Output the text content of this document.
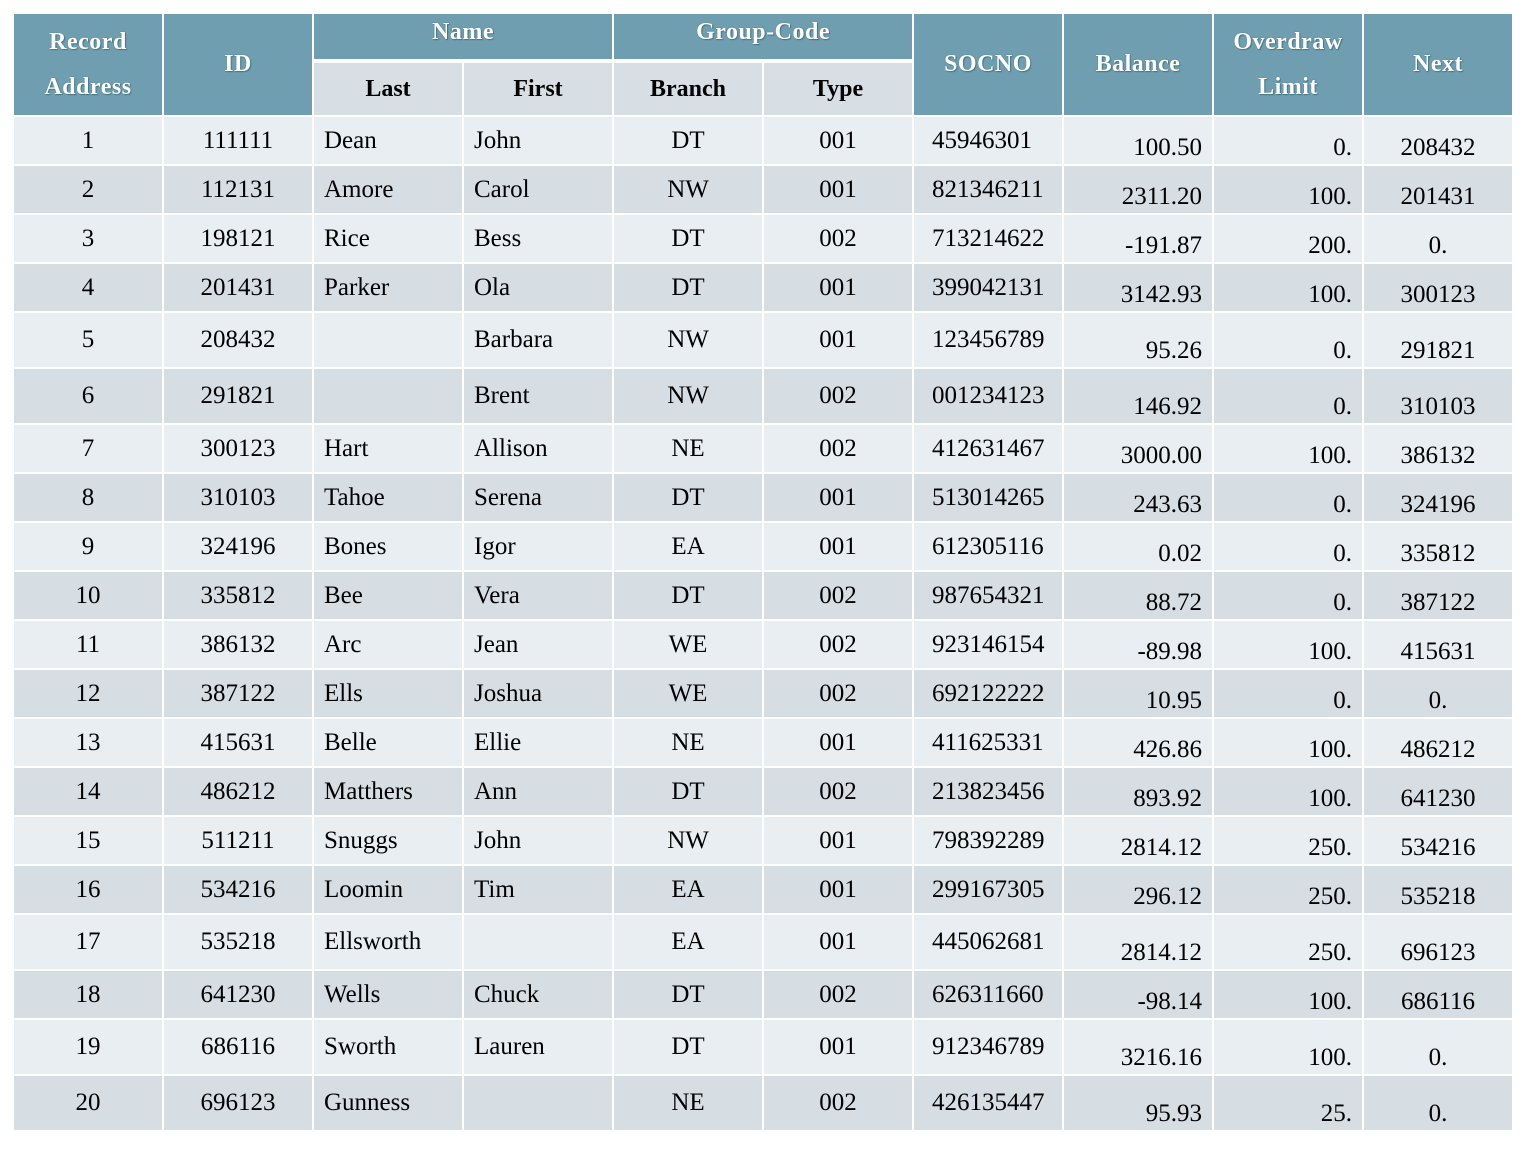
Record Address	ID	Name		Group-Code		SOCNO	Balance	Overdraw Limit	Next
		Last	First	Branch	Type				
1	111111	Dean	John	DT	001	45946301	100.50	0.	208432
2	112131	Amore	Carol	NW	001	821346211	2311.20	100.	201431
3	198121	Rice	Bess	DT	002	713214622	-191.87	200.	0.
4	201431	Parker	Ola	DT	001	399042131	3142.93	100.	300123
5	208432		Barbara	NW	001	123456789	95.26	0.	291821
6	291821		Brent	NW	002	001234123	146.92	0.	310103
7	300123	Hart	Allison	NE	002	412631467	3000.00	100.	386132
8	310103	Tahoe	Serena	DT	001	513014265	243.63	0.	324196
9	324196	Bones	Igor	EA	001	612305116	0.02	0.	335812
10	335812	Bee	Vera	DT	002	987654321	88.72	0.	387122
11	386132	Arc	Jean	WE	002	923146154	-89.98	100.	415631
12	387122	Ells	Joshua	WE	002	692122222	10.95	0.	0.
13	415631	Belle	Ellie	NE	001	411625331	426.86	100.	486212
14	486212	Matthers	Ann	DT	002	213823456	893.92	100.	641230
15	511211	Snuggs	John	NW	001	798392289	2814.12	250.	534216
16	534216	Loomin	Tim	EA	001	299167305	296.12	250.	535218
17	535218	Ellsworth		EA	001	445062681	2814.12	250.	696123
18	641230	Wells	Chuck	DT	002	626311660	-98.14	100.	686116
19	686116	Sworth	Lauren	DT	001	912346789	3216.16	100.	0.
20	696123	Gunness		NE	002	426135447	95.93	25.	0.
